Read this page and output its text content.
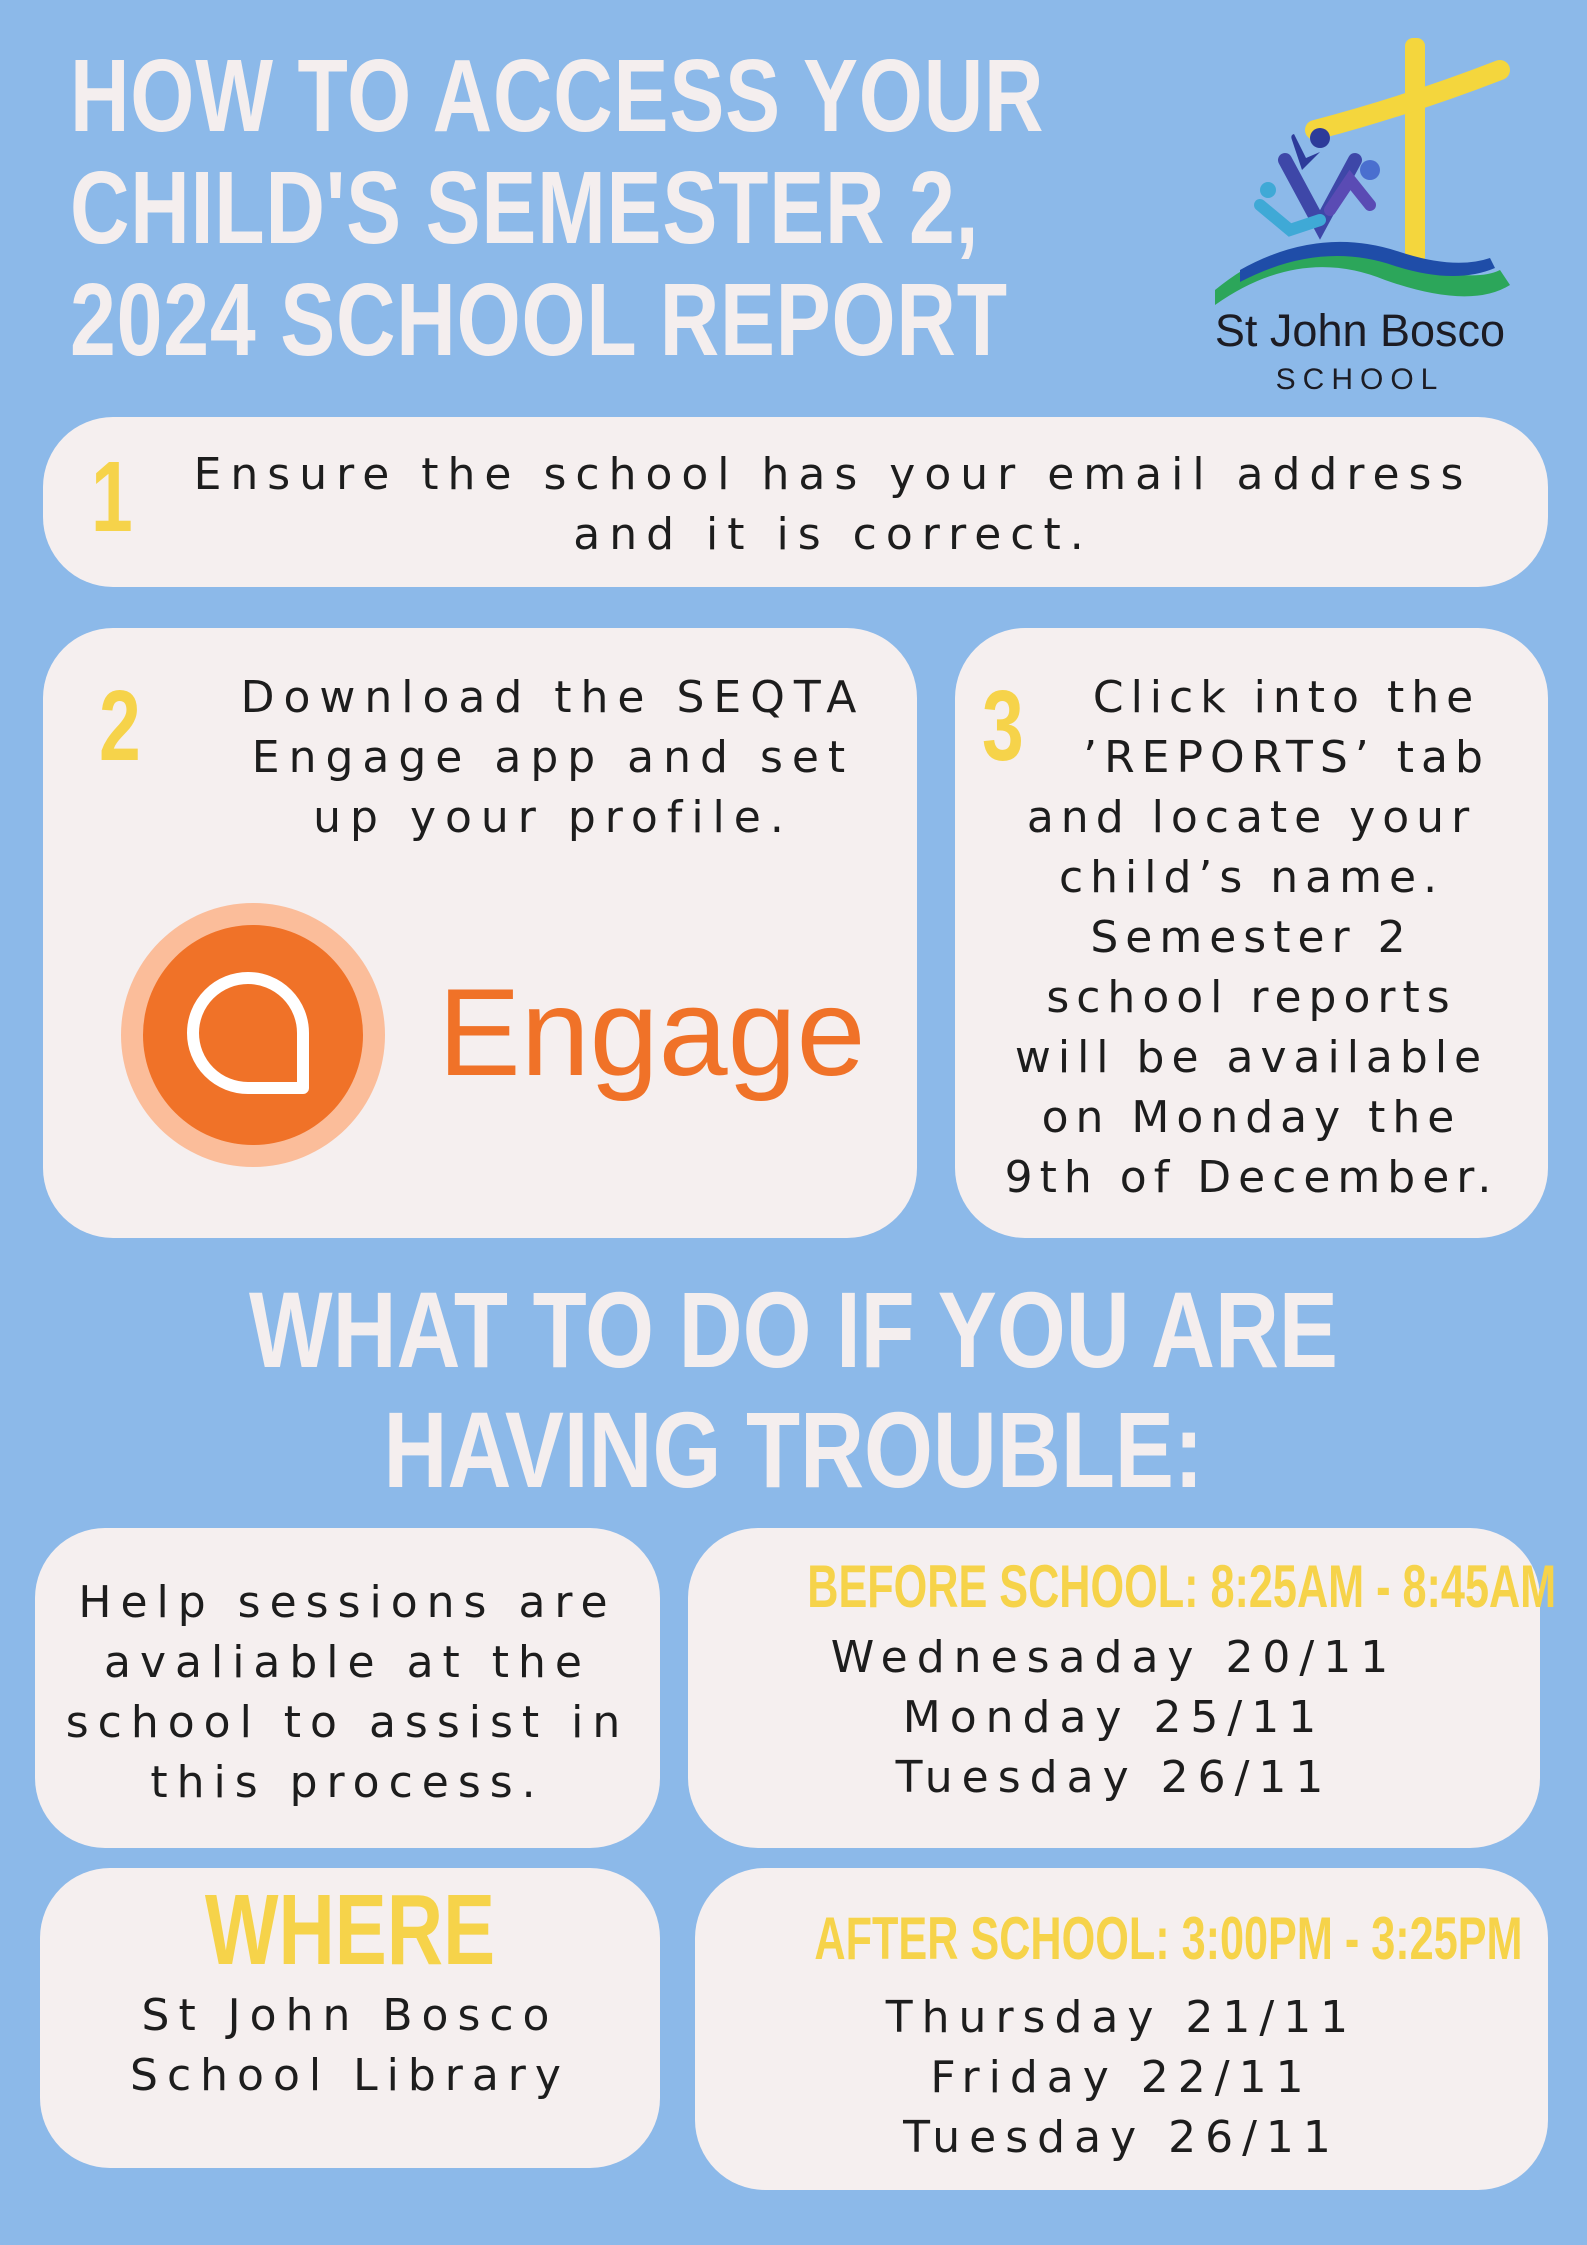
HOW TO ACCESS YOUR
CHILD'S SEMESTER 2,
2024 SCHOOL REPORT	St John Bosco
SCHOOL
1 Ensure the school has your email address
and it is correct.
2	Download the SEQTA
Engage app and set
up your profile.
Engage
3	Click into the
’REPORTS’ tab
and locate your
child’s name.
Semester 2
school reports
will be available
on Monday the
9th of December.
WHAT TO DO IF YOU ARE
HAVING TROUBLE:
Help sessions are
avaliable at the
school to assist in
this process.
BEFORE SCHOOL: 8:25AM - 8:45AM
Wednesaday 20/11
Monday 25/11
Tuesday 26/11
WHERE
St John Bosco
School Library
AFTER SCHOOL: 3:00PM - 3:25PM
Thursday 21/11
Friday 22/11
Tuesday 26/11
